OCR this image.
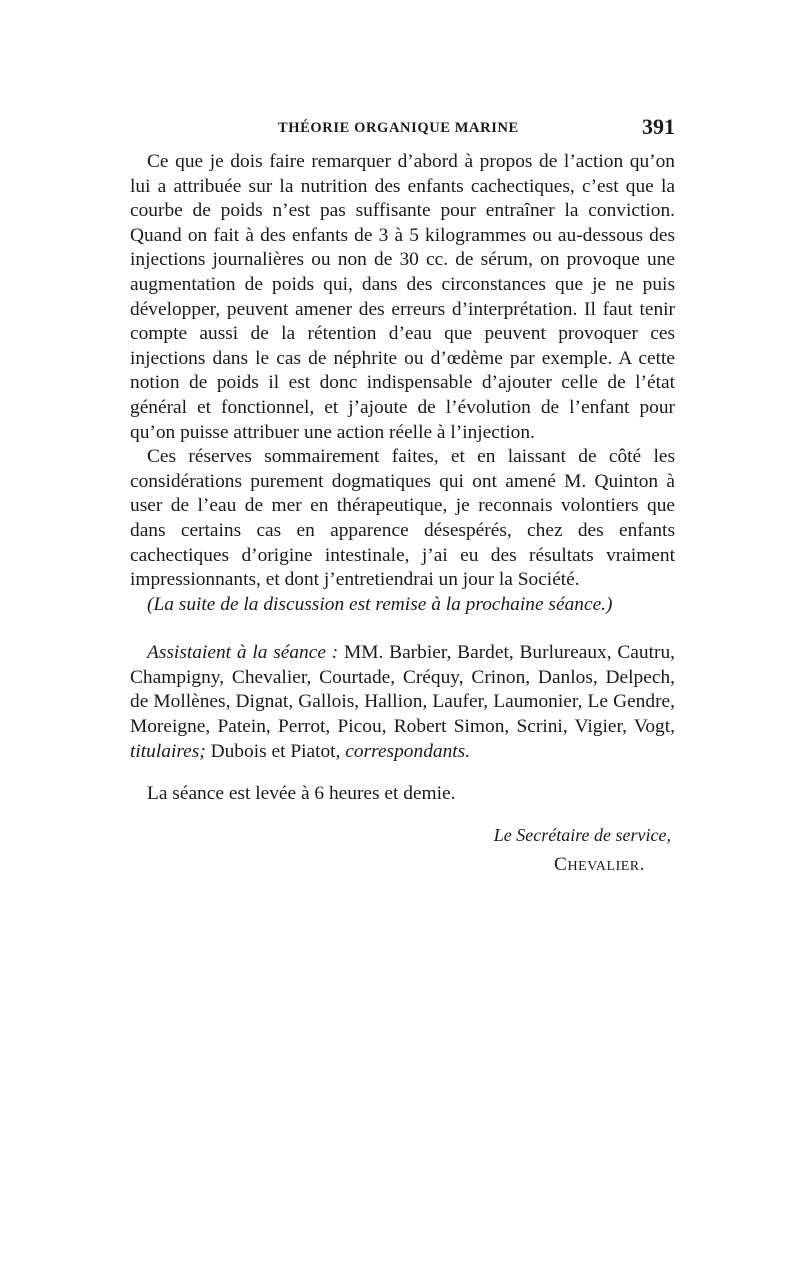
THÉORIE ORGANIQUE MARINE	391

Ce que je dois faire remarquer d’abord à propos de l’action qu’on lui a attribuée sur la nutrition des enfants cachectiques, c’est que la courbe de poids n’est pas suffisante pour entraîner la conviction. Quand on fait à des enfants de 3 à 5 kilogrammes ou au-dessous des injections journalières ou non de 30 cc. de sérum, on provoque une augmentation de poids qui, dans des circonstances que je ne puis développer, peuvent amener des erreurs d’interprétation. Il faut tenir compte aussi de la rétention d’eau que peuvent provoquer ces injections dans le cas de néphrite ou d’œdème par exemple. A cette notion de poids il est donc indispensable d’ajouter celle de l’état général et fonctionnel, et j’ajoute de l’évolution de l’enfant pour qu’on puisse attribuer une action réelle à l’injection.

Ces réserves sommairement faites, et en laissant de côté les considérations purement dogmatiques qui ont amené M. Quinton à user de l’eau de mer en thérapeutique, je reconnais volontiers que dans certains cas en apparence désespérés, chez des enfants cachectiques d’origine intestinale, j’ai eu des résultats vraiment impressionnants, et dont j’entretiendrai un jour la Société.

(La suite de la discussion est remise à la prochaine séance.)

Assistaient à la séance : MM. Barbier, Bardet, Burlureaux, Cautru, Champigny, Chevalier, Courtade, Créquy, Crinon, Danlos, Delpech, de Mollènes, Dignat, Gallois, Hallion, Laufer, Laumonier, Le Gendre, Moreigne, Patein, Perrot, Picou, Robert Simon, Scrini, Vigier, Vogt, titulaires; Dubois et Piatot, correspondants.

La séance est levée à 6 heures et demie.

Le Secrétaire de service,
Chevalier.
